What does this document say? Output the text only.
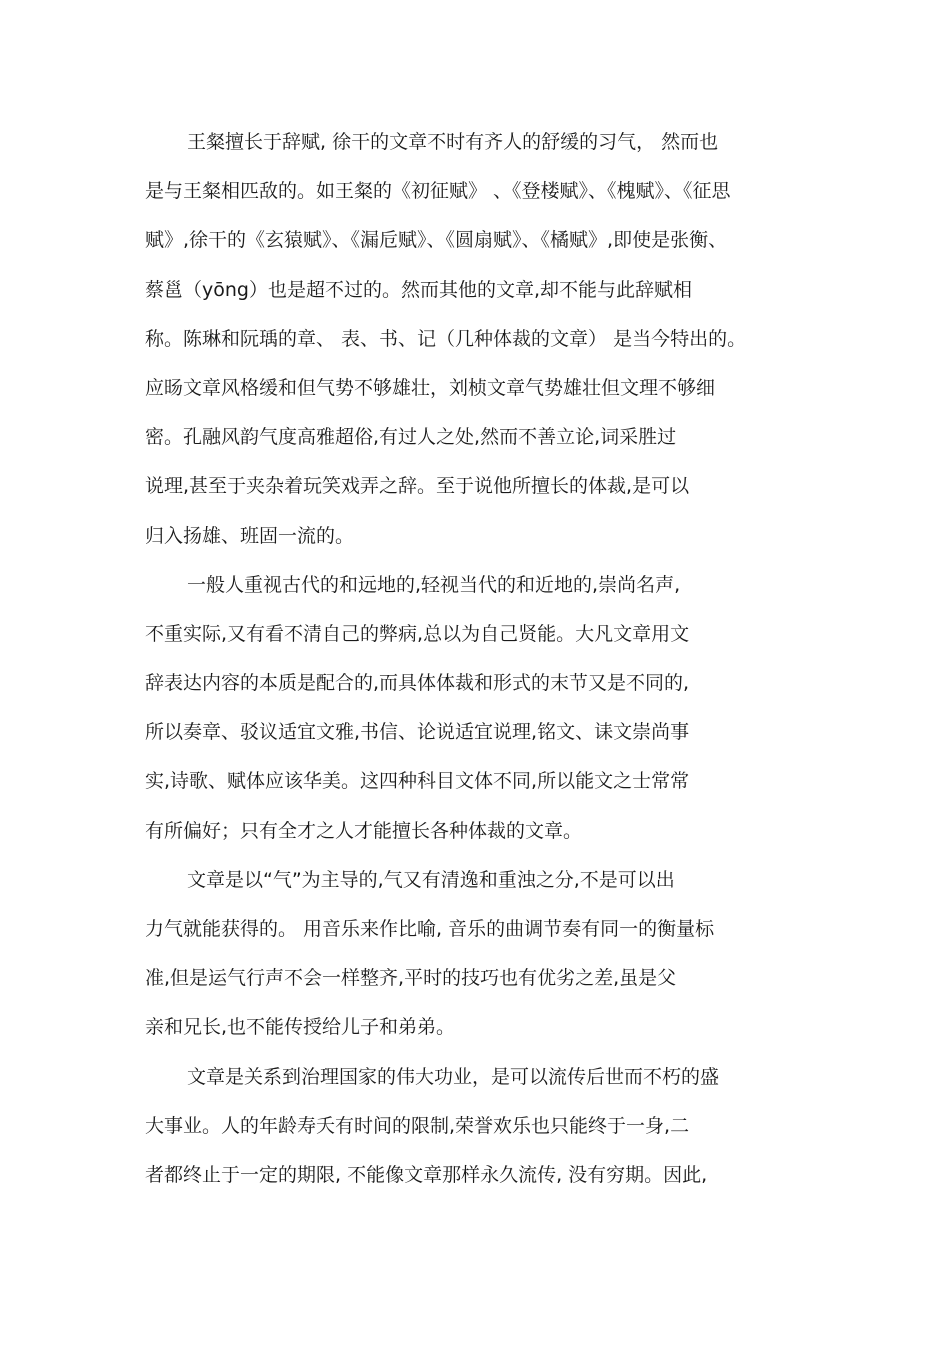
王粲擅长于辞赋, 徐干的文章不时有齐人的舒缓的习气， 然而也
是与王粲相匹敌的。如王粲的《初征赋》 、《登楼赋》、《槐赋》、《征思
赋》,徐干的《玄猿赋》、《漏卮赋》、《圆扇赋》、《橘赋》,即使是张衡、
蔡邕（yōng）也是超不过的。然而其他的文章,却不能与此辞赋相
称。陈琳和阮瑀的章、 表、书、记（几种体裁的文章） 是当今特出的。
应旸文章风格缓和但气势不够雄壮，刘桢文章气势雄壮但文理不够细
密。孔融风韵气度高雅超俗,有过人之处,然而不善立论,词采胜过
说理,甚至于夹杂着玩笑戏弄之辞。至于说他所擅长的体裁,是可以
归入扬雄、班固一流的。
一般人重视古代的和远地的,轻视当代的和近地的,崇尚名声,
不重实际,又有看不清自己的弊病,总以为自己贤能。大凡文章用文
辞表达内容的本质是配合的,而具体体裁和形式的末节又是不同的,
所以奏章、驳议适宜文雅,书信、论说适宜说理,铭文、诔文崇尚事
实,诗歌、赋体应该华美。这四种科目文体不同,所以能文之士常常
有所偏好；只有全才之人才能擅长各种体裁的文章。
文章是以“气”为主导的,气又有清逸和重浊之分,不是可以出
力气就能获得的。 用音乐来作比喻, 音乐的曲调节奏有同一的衡量标
准,但是运气行声不会一样整齐,平时的技巧也有优劣之差,虽是父
亲和兄长,也不能传授给儿子和弟弟。
文章是关系到治理国家的伟大功业，是可以流传后世而不朽的盛
大事业。人的年龄寿夭有时间的限制,荣誉欢乐也只能终于一身,二
者都终止于一定的期限, 不能像文章那样永久流传, 没有穷期。因此,
